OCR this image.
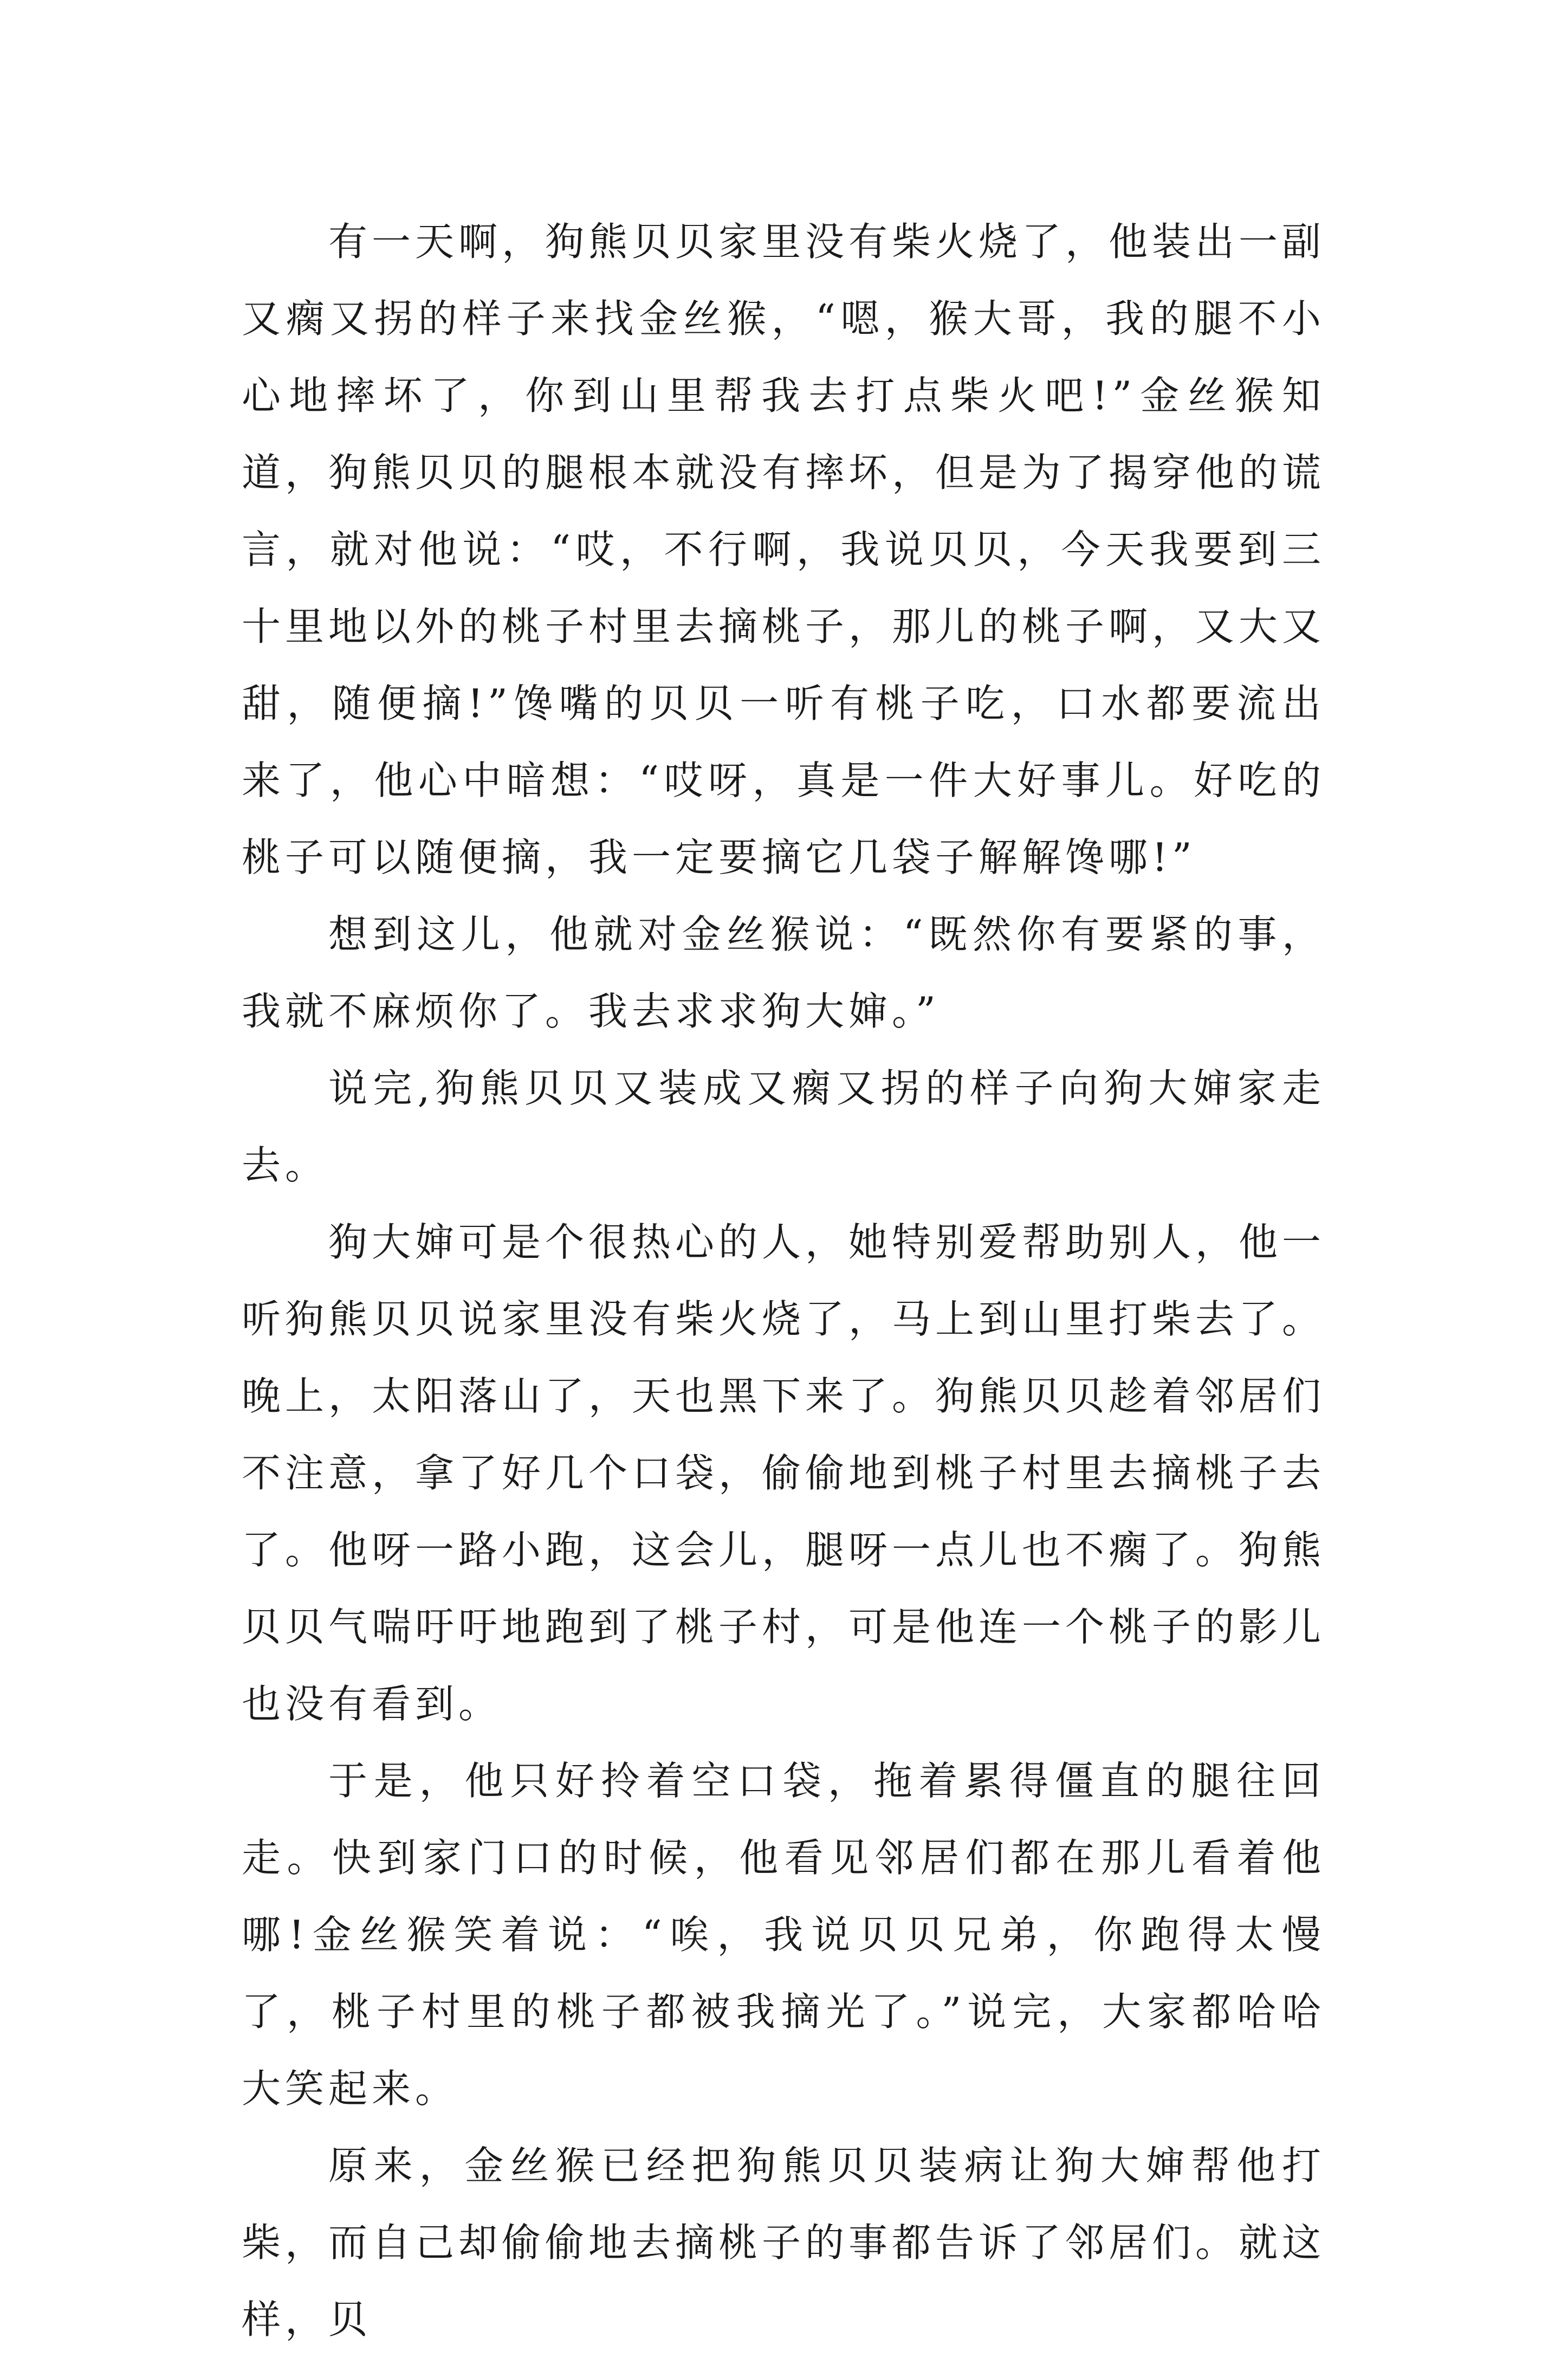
有一天啊，狗熊贝贝家里没有柴火烧了，他装出一副又瘸又拐的样子来找金丝猴，“嗯，猴大哥，我的腿不小心地摔坏了，你到山里帮我去打点柴火吧!”金丝猴知道，狗熊贝贝的腿根本就没有摔坏，但是为了揭穿他的谎言，就对他说：“哎，不行啊，我说贝贝，今天我要到三十里地以外的桃子村里去摘桃子，那儿的桃子啊，又大又甜，随便摘!”馋嘴的贝贝一听有桃子吃，口水都要流出来了，他心中暗想：“哎呀，真是一件大好事儿。好吃的桃子可以随便摘，我一定要摘它几袋子解解馋哪!”

想到这儿，他就对金丝猴说：“既然你有要紧的事，我就不麻烦你了。我去求求狗大婶。”

说完,狗熊贝贝又装成又瘸又拐的样子向狗大婶家走去。

狗大婶可是个很热心的人，她特别爱帮助别人，他一听狗熊贝贝说家里没有柴火烧了，马上到山里打柴去了。晚上，太阳落山了，天也黑下来了。狗熊贝贝趁着邻居们不注意，拿了好几个口袋，偷偷地到桃子村里去摘桃子去了。他呀一路小跑，这会儿，腿呀一点儿也不瘸了。狗熊贝贝气喘吁吁地跑到了桃子村，可是他连一个桃子的影儿也没有看到。

于是，他只好拎着空口袋，拖着累得僵直的腿往回走。快到家门口的时候，他看见邻居们都在那儿看着他哪!金丝猴笑着说：“唉，我说贝贝兄弟，你跑得太慢了，桃子村里的桃子都被我摘光了。”说完，大家都哈哈大笑起来。

原来，金丝猴已经把狗熊贝贝装病让狗大婶帮他打柴，而自己却偷偷地去摘桃子的事都告诉了邻居们。就这样，贝
